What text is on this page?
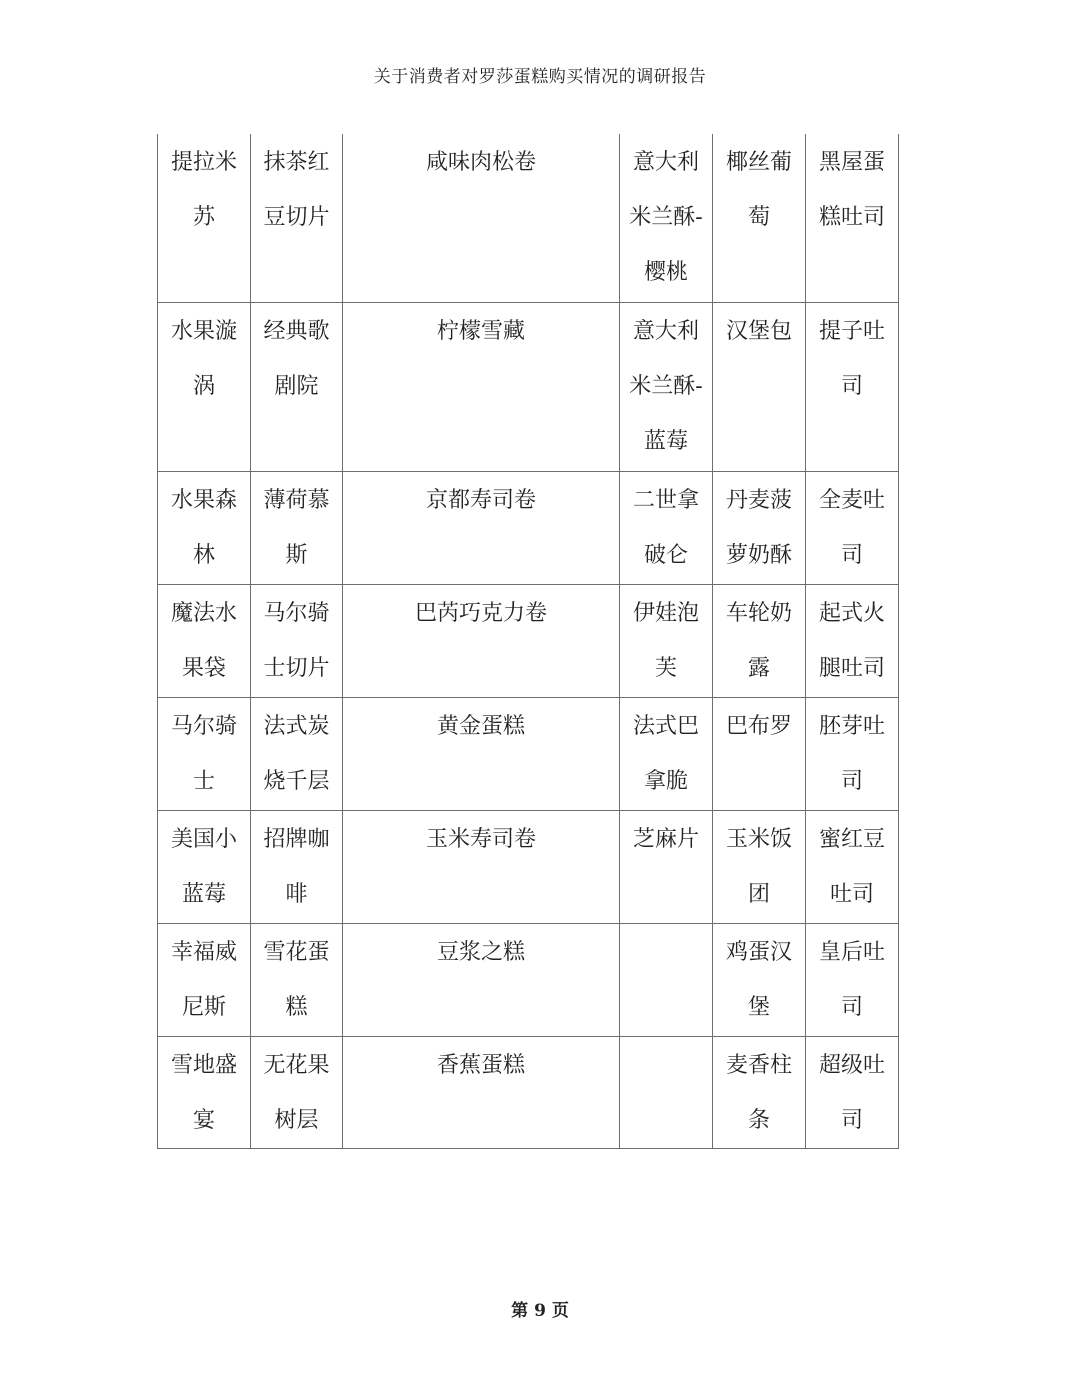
关于消费者对罗莎蛋糕购买情况的调研报告
提拉米苏	抹茶红豆切片	咸味肉松卷	意大利米兰酥-樱桃	椰丝葡萄	黑屋蛋糕吐司
水果漩涡	经典歌剧院	柠檬雪藏	意大利米兰酥-蓝莓	汉堡包	提子吐司
水果森林	薄荷慕斯	京都寿司卷	二世拿破仑	丹麦菠萝奶酥	全麦吐司
魔法水果袋	马尔骑士切片	巴芮巧克力卷	伊娃泡芙	车轮奶露	起式火腿吐司
马尔骑士	法式炭烧千层	黄金蛋糕	法式巴拿脆	巴布罗	胚芽吐司
美国小蓝莓	招牌咖啡	玉米寿司卷	芝麻片	玉米饭团	蜜红豆吐司
幸福威尼斯	雪花蛋糕	豆浆之糕		鸡蛋汉堡	皇后吐司
雪地盛宴	无花果树层	香蕉蛋糕		麦香柱条	超级吐司
第 9 页
